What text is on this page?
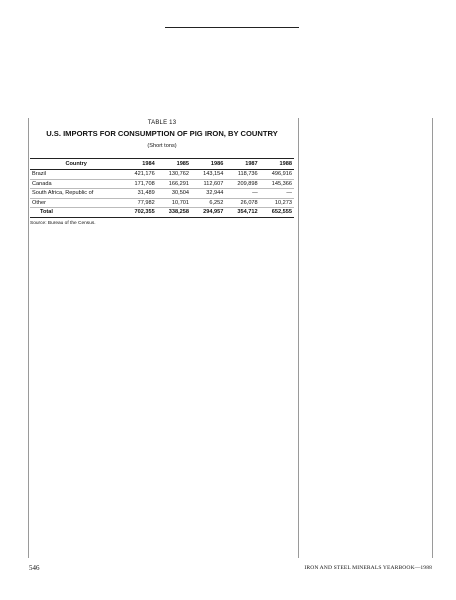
TABLE 13

U.S. IMPORTS FOR CONSUMPTION OF PIG IRON, BY COUNTRY

(Short tons)

Country	1984	1985	1986	1987	1988
Brazil	421,176	130,762	143,154	118,736	496,916
Canada	171,708	166,291	112,607	209,898	145,366
South Africa, Republic of	31,489	30,504	32,944	—	—
Other	77,982	10,701	6,252	26,078	10,273
Total	702,355	338,258	294,957	354,712	652,555
Source: Bureau of the Census.
546	IRON AND STEEL MINERALS YEARBOOK—1988
